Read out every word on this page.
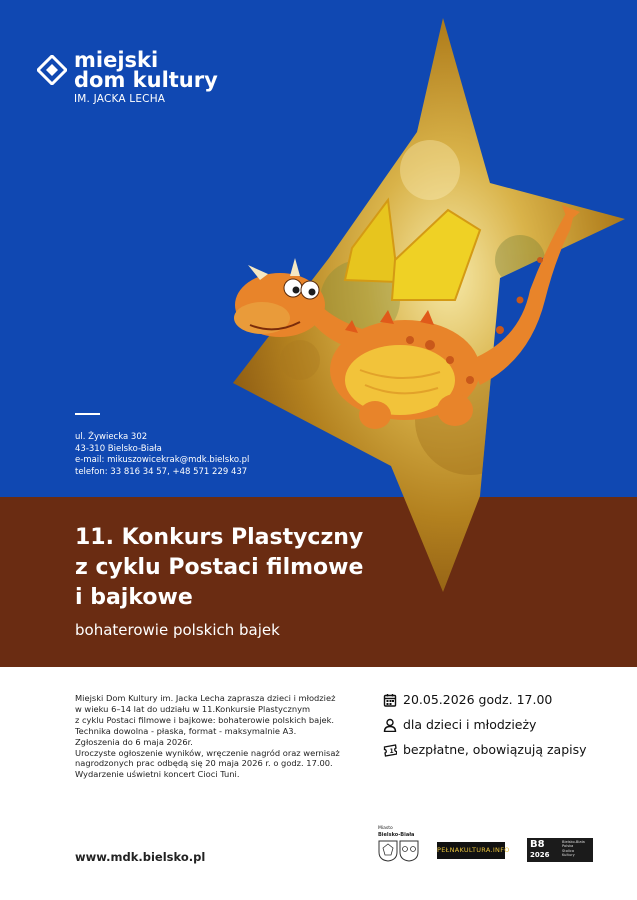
miejski
dom kultury
IM. JACKA LECHA
ul. Żywiecka 302
43-310 Bielsko-Biała
e-mail: mikuszowicekrak@mdk.bielsko.pl
telefon: 33 816 34 57, +48 571 229 437
11. Konkurs Plastyczny
z cyklu Postaci filmowe
i bajkowe
bohaterowie polskich bajek
Miejski Dom Kultury im. Jacka Lecha zaprasza dzieci i młodzież
w wieku 6–14 lat do udziału w 11.Konkursie Plastycznym
z cyklu Postaci filmowe i bajkowe: bohaterowie polskich bajek.
Technika dowolna - płaska, format - maksymalnie A3.
Zgłoszenia do 6 maja 2026r.
Uroczyste ogłoszenie wyników, wręczenie nagród oraz wernisaż
nagrodzonych prac odbędą się 20 maja 2026 r. o godz. 17.00.
Wydarzenie uświetni koncert Cioci Tuni.
20.05.2026 godz. 17.00
dla dzieci i młodzieży
1 bezpłatne, obowiązują zapisy
www.mdk.bielsko.pl
Miasto
Bielsko-Biała
PEŁNAKULTURA.INFO B8
2026
Bielsko-Biała
Polska
Stolica
Kultury
